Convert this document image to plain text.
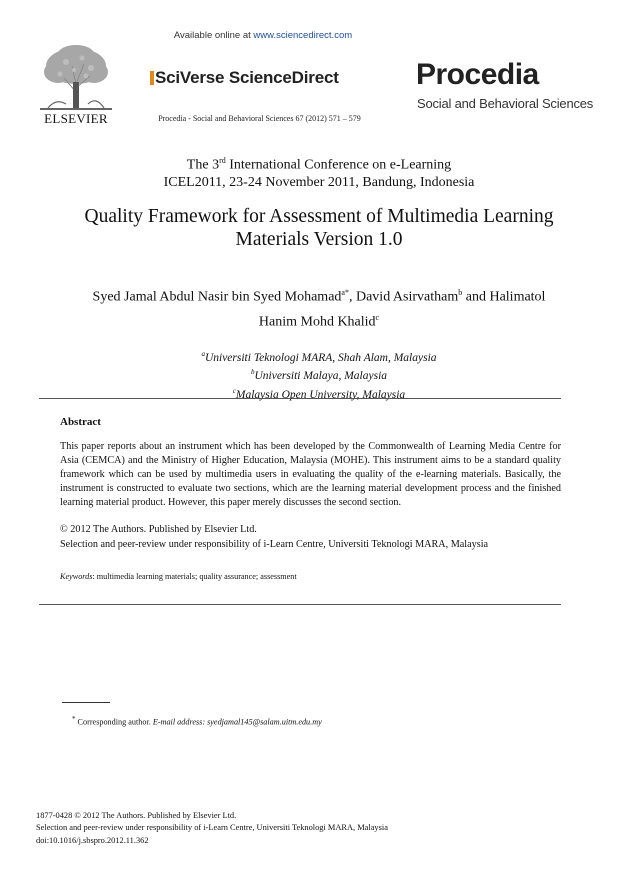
ELSEVIER
Available online at www.sciencedirect.com
SciVerse ScienceDirect
Procedia - Social and Behavioral Sciences 67 (2012) 571 – 579
Procedia
Social and Behavioral Sciences
The 3rd International Conference on e-Learning
ICEL2011, 23-24 November 2011, Bandung, Indonesia
Quality Framework for Assessment of Multimedia Learning
Materials Version 1.0
Syed Jamal Abdul Nasir bin Syed Mohamad$^{a*}$, David Asirvatham$^b$ and Halimatol
Hanim Mohd Khalid$^c$
$^a$Universiti Teknologi MARA, Shah Alam, Malaysia
$^b$Universiti Malaya, Malaysia
$^c$Malaysia Open University, Malaysia
Abstract
This paper reports about an instrument which has been developed by the Commonwealth of Learning Media Centre for Asia (CEMCA) and the Ministry of Higher Education, Malaysia (MOHE). This instrument aims to be a standard quality framework which can be used by multimedia users in evaluating the quality of the e-learning materials. Basically, the instrument is constructed to evaluate two sections, which are the learning material development process and the finished learning material product. However, this paper merely discusses the second section.
© 2012 The Authors. Published by Elsevier Ltd.
Selection and peer-review under responsibility of i-Learn Centre, Universiti Teknologi MARA, Malaysia
Keywords: multimedia learning materials; quality assurance; assessment
* Corresponding author. E-mail address: syedjamal145@salam.uitm.edu.my
1877-0428 © 2012 The Authors. Published by Elsevier Ltd.
Selection and peer-review under responsibility of i-Learn Centre, Universiti Teknologi MARA, Malaysia
doi:10.1016/j.sbspro.2012.11.362
